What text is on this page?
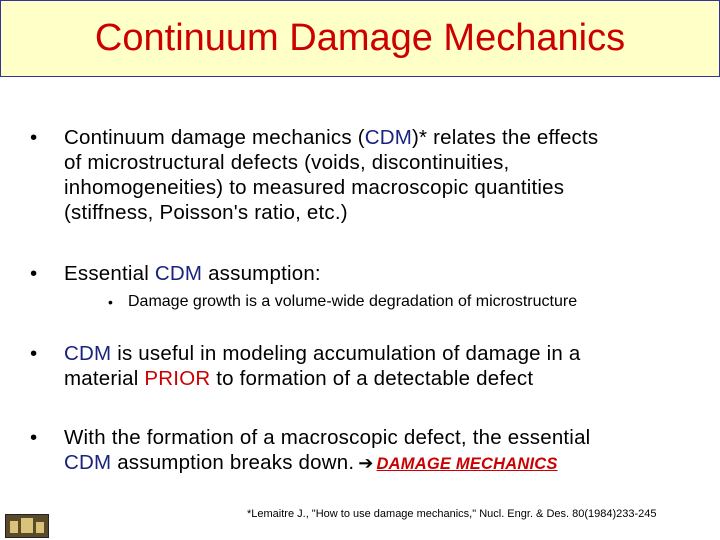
Continuum Damage Mechanics
• Continuum damage mechanics (CDM)* relates the effects
of microstructural defects (voids, discontinuities,
inhomogeneities) to measured macroscopic quantities
(stiffness, Poisson's ratio, etc.)
• Essential CDM assumption:
• Damage growth is a volume-wide degradation of microstructure
• CDM is useful in modeling accumulation of damage in a
material PRIOR to formation of a detectable defect
• With the formation of a macroscopic defect, the essential
CDM assumption breaks down. ➔ DAMAGE MECHANICS
*Lemaitre J., "How to use damage mechanics," Nucl. Engr. & Des. 80(1984)233-245
